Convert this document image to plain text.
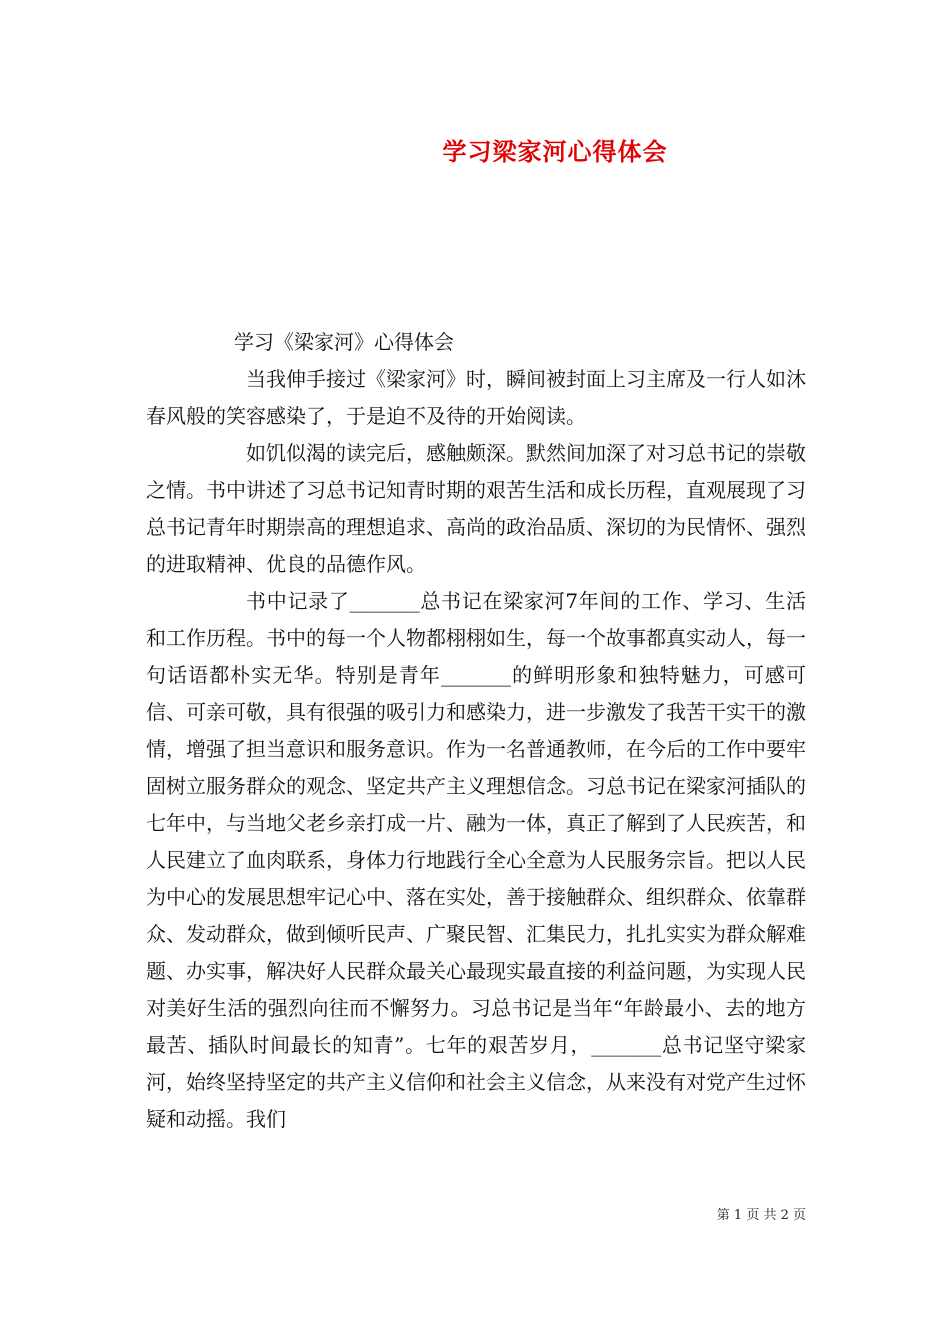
学习梁家河心得体会

学习《梁家河》心得体会

当我伸手接过《梁家河》时，瞬间被封面上习主席及一行人如沐春风般的笑容感染了，于是迫不及待的开始阅读。

如饥似渴的读完后，感触颇深。默然间加深了对习总书记的崇敬之情。书中讲述了习总书记知青时期的艰苦生活和成长历程，直观展现了习总书记青年时期崇高的理想追求、高尚的政治品质、深切的为民情怀、强烈的进取精神、优良的品德作风。

书中记录了_______总书记在梁家河7年间的工作、学习、生活和工作历程。书中的每一个人物都栩栩如生，每一个故事都真实动人，每一句话语都朴实无华。特别是青年_______的鲜明形象和独特魅力，可感可信、可亲可敬，具有很强的吸引力和感染力，进一步激发了我苦干实干的激情，增强了担当意识和服务意识。作为一名普通教师，在今后的工作中要牢固树立服务群众的观念、坚定共产主义理想信念。习总书记在梁家河插队的七年中，与当地父老乡亲打成一片、融为一体，真正了解到了人民疾苦，和人民建立了血肉联系，身体力行地践行全心全意为人民服务宗旨。把以人民为中心的发展思想牢记心中、落在实处，善于接触群众、组织群众、依靠群众、发动群众，做到倾听民声、广聚民智、汇集民力，扎扎实实为群众解难题、办实事，解决好人民群众最关心最现实最直接的利益问题，为实现人民对美好生活的强烈向往而不懈努力。习总书记是当年“年龄最小、去的地方最苦、插队时间最长的知青”。七年的艰苦岁月，_______总书记坚守梁家河，始终坚持坚定的共产主义信仰和社会主义信念，从来没有对党产生过怀疑和动摇。我们

第 1 页 共 2 页
